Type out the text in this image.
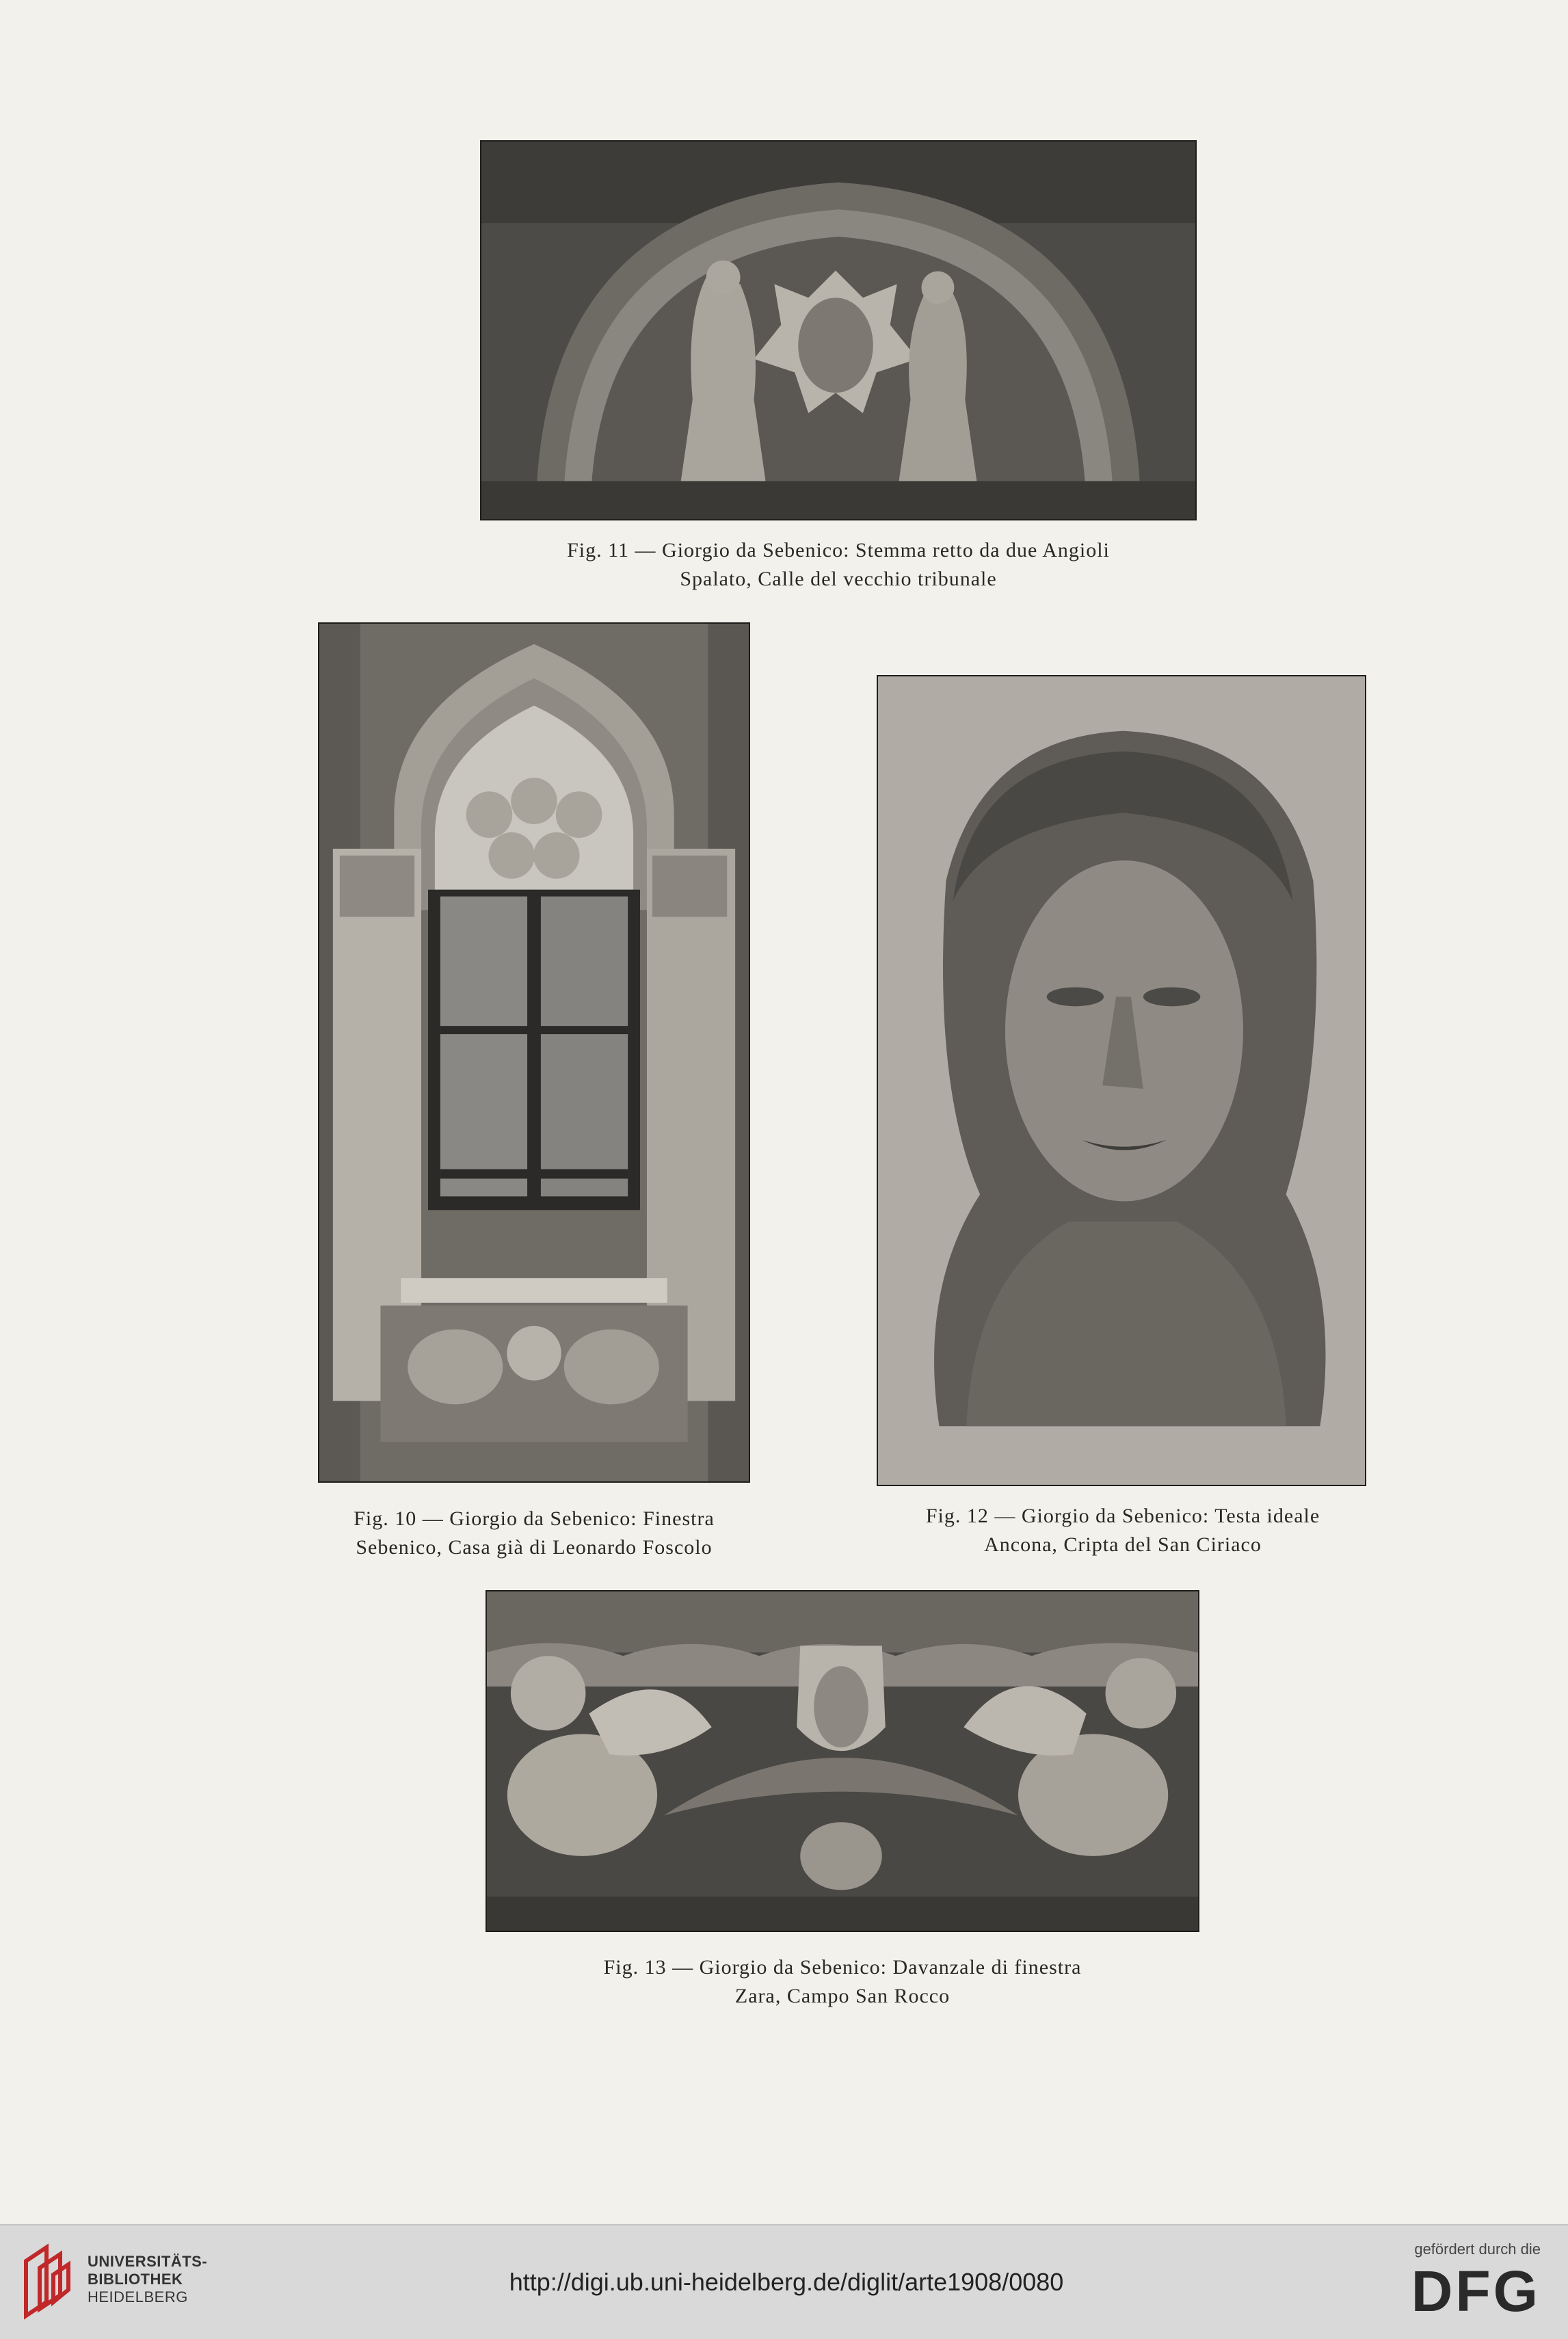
Fig. 11 — Giorgio da Sebenico: Stemma retto da due Angioli
Spalato, Calle del vecchio tribunale
Fig. 10 — Giorgio da Sebenico: Finestra
Sebenico, Casa già di Leonardo Foscolo
Fig. 12 — Giorgio da Sebenico: Testa ideale
Ancona, Cripta del San Ciriaco
Fig. 13 — Giorgio da Sebenico: Davanzale di finestra
Zara, Campo San Rocco
UNIVERSITÄTS-
BIBLIOTHEK
HEIDELBERG
http://digi.ub.uni-heidelberg.de/diglit/arte1908/0080
gefördert durch die
DFG
